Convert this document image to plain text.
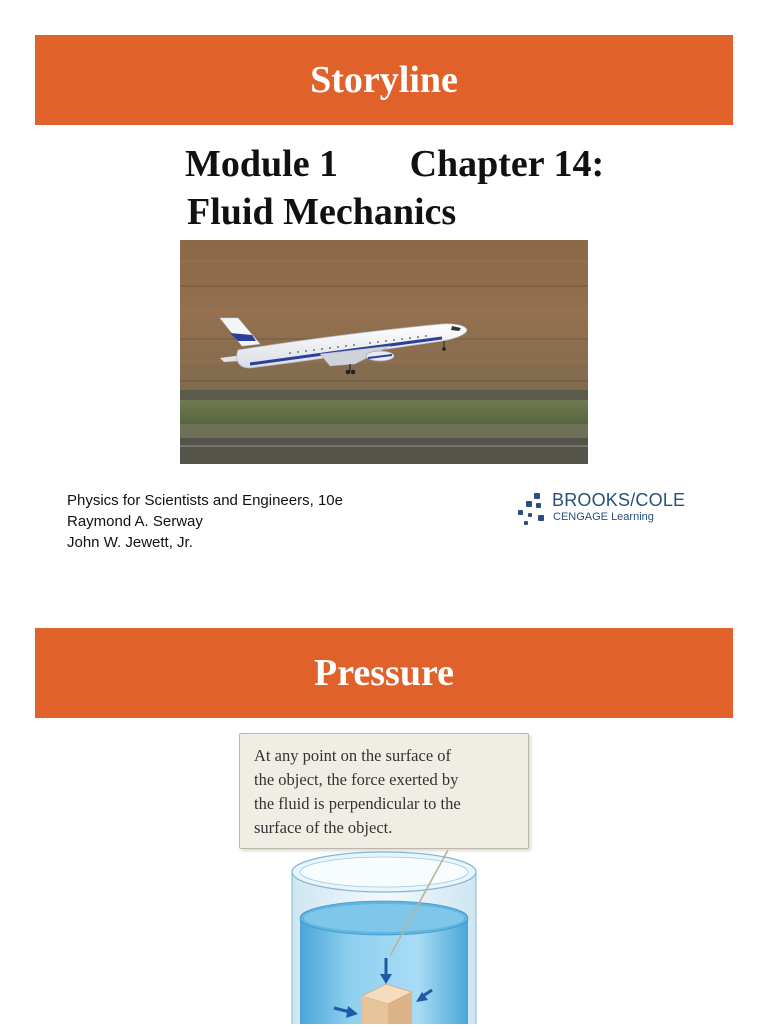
Storyline
Module 1 Chapter 14:
Fluid Mechanics
Physics for Scientists and Engineers, 10e
Raymond A. Serway
John W. Jewett, Jr.
BROOKS/COLE
CENGAGE Learning
Pressure
At any point on the surface of
the object, the force exerted by
the fluid is perpendicular to the
surface of the object.
